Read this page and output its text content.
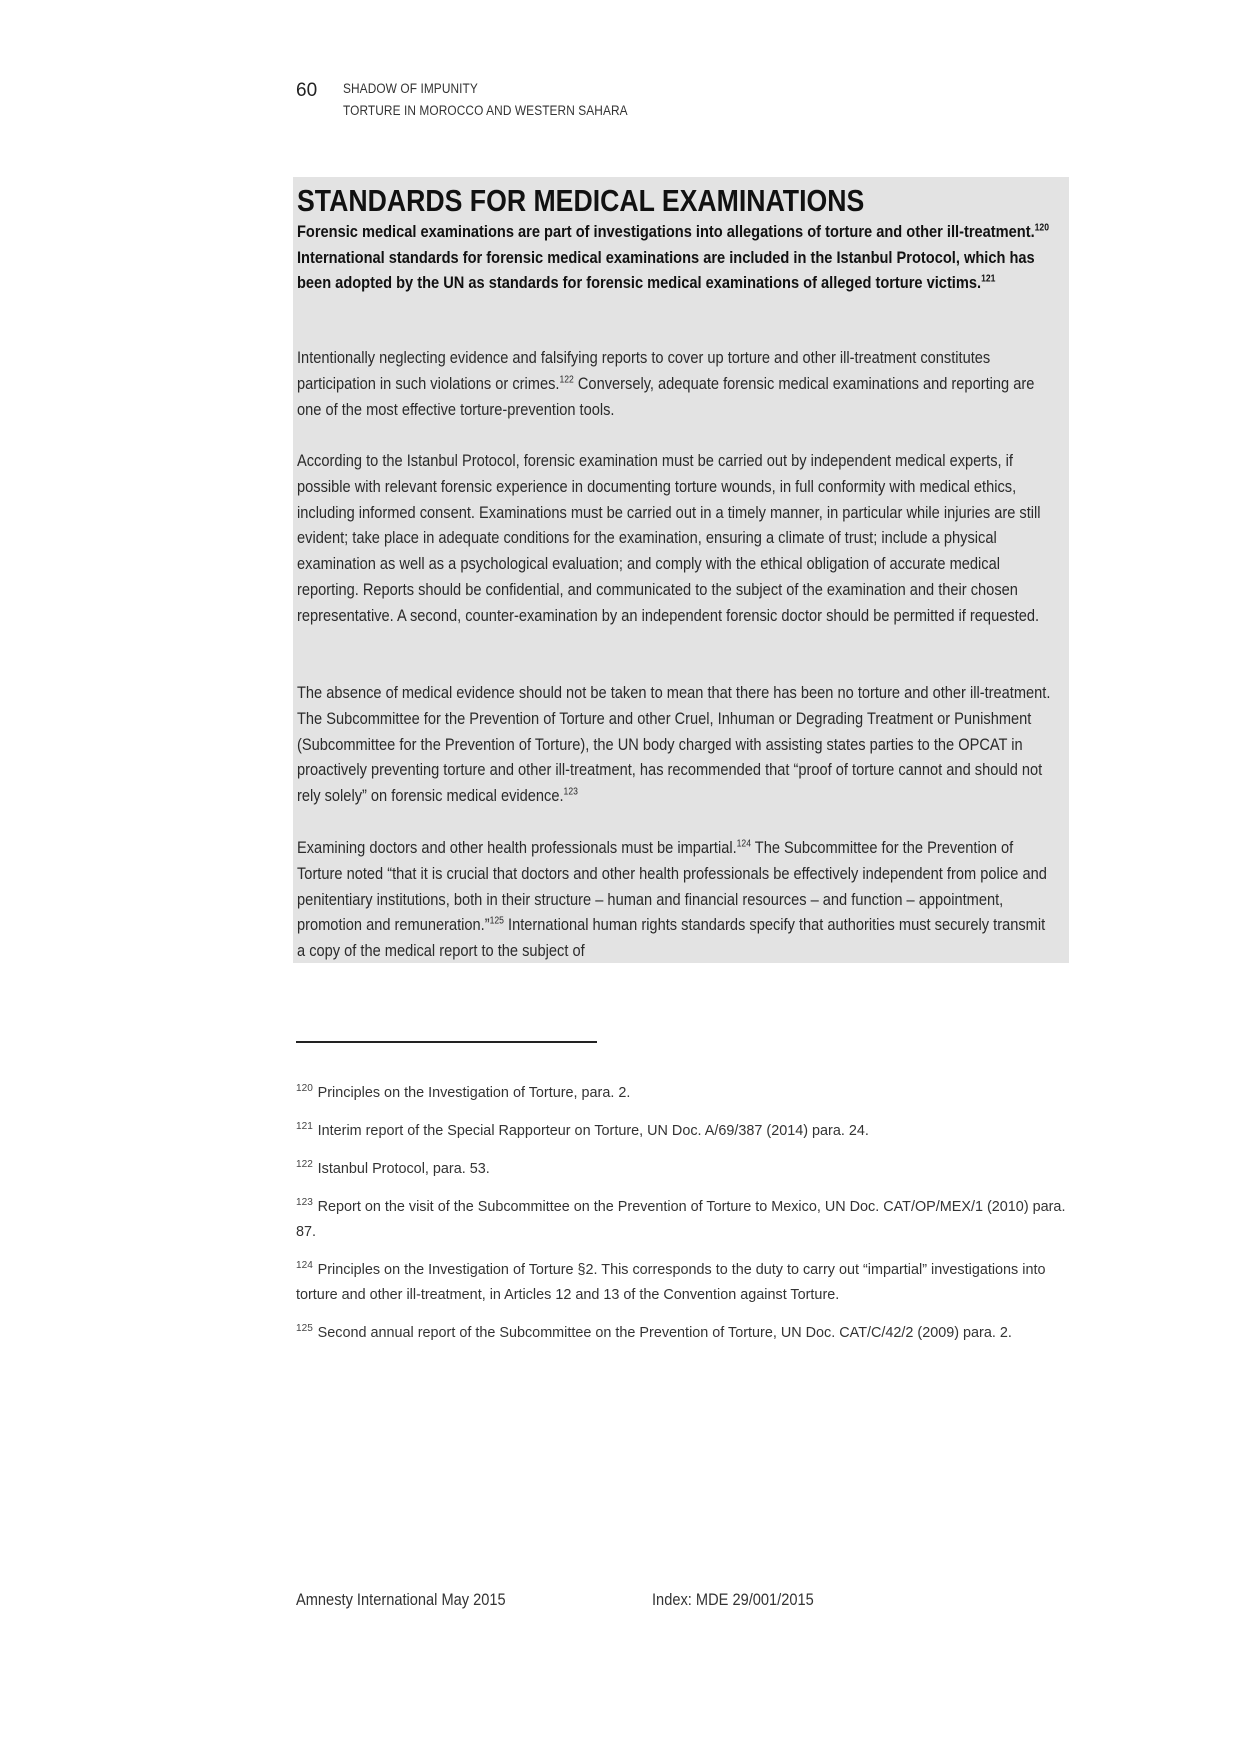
60 SHADOW OF IMPUNITY
TORTURE IN MOROCCO AND WESTERN SAHARA
STANDARDS FOR MEDICAL EXAMINATIONS

Forensic medical examinations are part of investigations into allegations of torture and other ill-treatment.$^{120}$ International standards for forensic medical examinations are included in the Istanbul Protocol, which has been adopted by the UN as standards for forensic medical examinations of alleged torture victims.$^{121}$

Intentionally neglecting evidence and falsifying reports to cover up torture and other ill-treatment constitutes participation in such violations or crimes.$^{122}$ Conversely, adequate forensic medical examinations and reporting are one of the most effective torture-prevention tools.

According to the Istanbul Protocol, forensic examination must be carried out by independent medical experts, if possible with relevant forensic experience in documenting torture wounds, in full conformity with medical ethics, including informed consent. Examinations must be carried out in a timely manner, in particular while injuries are still evident; take place in adequate conditions for the examination, ensuring a climate of trust; include a physical examination as well as a psychological evaluation; and comply with the ethical obligation of accurate medical reporting. Reports should be confidential, and communicated to the subject of the examination and their chosen representative. A second, counter-examination by an independent forensic doctor should be permitted if requested.

The absence of medical evidence should not be taken to mean that there has been no torture and other ill-treatment. The Subcommittee for the Prevention of Torture and other Cruel, Inhuman or Degrading Treatment or Punishment (Subcommittee for the Prevention of Torture), the UN body charged with assisting states parties to the OPCAT in proactively preventing torture and other ill-treatment, has recommended that “proof of torture cannot and should not rely solely” on forensic medical evidence.$^{123}$

Examining doctors and other health professionals must be impartial.$^{124}$ The Subcommittee for the Prevention of Torture noted “that it is crucial that doctors and other health professionals be effectively independent from police and penitentiary institutions, both in their structure – human and financial resources – and function – appointment, promotion and remuneration.”$^{125}$ International human rights standards specify that authorities must securely transmit a copy of the medical report to the subject of

$^{120}$ Principles on the Investigation of Torture, para. 2.
$^{121}$ Interim report of the Special Rapporteur on Torture, UN Doc. A/69/387 (2014) para. 24.
$^{122}$ Istanbul Protocol, para. 53.
$^{123}$ Report on the visit of the Subcommittee on the Prevention of Torture to Mexico, UN Doc. CAT/OP/MEX/1 (2010) para. 87.
$^{124}$ Principles on the Investigation of Torture §2. This corresponds to the duty to carry out “impartial” investigations into torture and other ill-treatment, in Articles 12 and 13 of the Convention against Torture.
$^{125}$ Second annual report of the Subcommittee on the Prevention of Torture, UN Doc. CAT/C/42/2 (2009) para. 2.
Amnesty International May 2015	Index: MDE 29/001/2015
